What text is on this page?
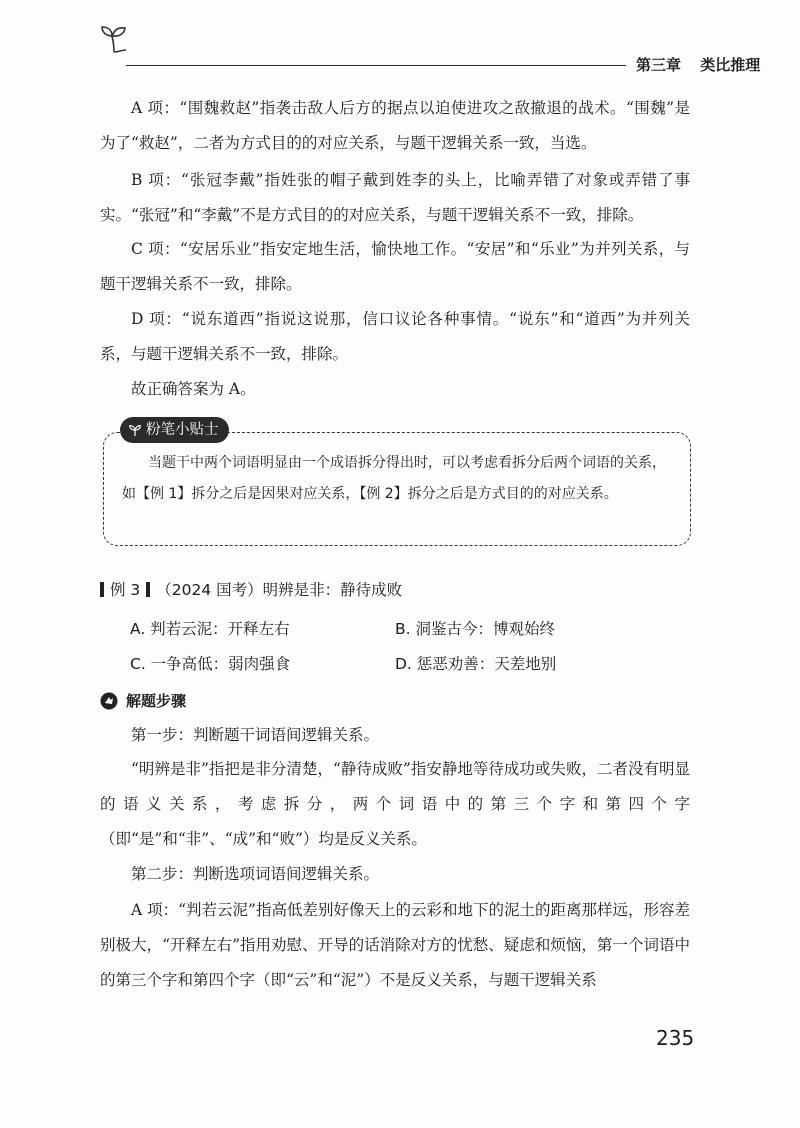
第三章 类比推理

A 项：“围魏救赵”指袭击敌人后方的据点以迫使进攻之敌撤退的战术。“围魏”是为了“救赵”，二者为方式目的的对应关系，与题干逻辑关系一致，当选。

B 项：“张冠李戴”指姓张的帽子戴到姓李的头上，比喻弄错了对象或弄错了事实。“张冠”和“李戴”不是方式目的的对应关系，与题干逻辑关系不一致，排除。

C 项：“安居乐业”指安定地生活，愉快地工作。“安居”和“乐业”为并列关系，与题干逻辑关系不一致，排除。

D 项：“说东道西”指说这说那，信口议论各种事情。“说东”和“道西”为并列关系，与题干逻辑关系不一致，排除。

故正确答案为 A。

粉笔小贴士

当题干中两个词语明显由一个成语拆分得出时，可以考虑看拆分后两个词语的关系，如【例 1】拆分之后是因果对应关系，【例 2】拆分之后是方式目的的对应关系。

例 3 （2024 国考）明辨是非：静待成败
A. 判若云泥：开释左右	B. 洞鉴古今：博观始终
C. 一争高低：弱肉强食	D. 惩恶劝善：天差地别
解题步骤

第一步：判断题干词语间逻辑关系。

“明辨是非”指把是非分清楚，“静待成败”指安静地等待成功或失败，二者没有明显的语义关系，考虑拆分，两个词语中的第三个字和第四个字（即“是”和“非”、“成”和“败”）均是反义关系。

第二步：判断选项词语间逻辑关系。

A 项：“判若云泥”指高低差别好像天上的云彩和地下的泥土的距离那样远，形容差别极大，“开释左右”指用劝慰、开导的话消除对方的忧愁、疑虑和烦恼，第一个词语中的第三个字和第四个字（即“云”和“泥”）不是反义关系，与题干逻辑关系

235
